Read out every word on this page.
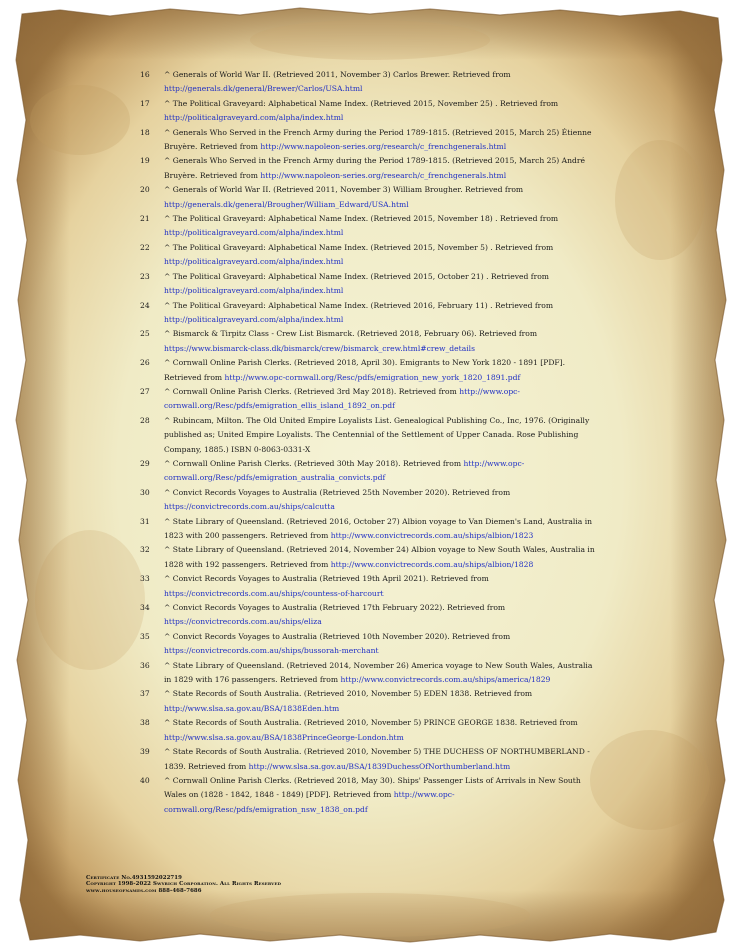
16	^ Generals of World War II. (Retrieved 2011, November 3) Carlos Brewer. Retrieved from http://generals.dk/general/Brewer/Carlos/USA.html
17	^ The Political Graveyard: Alphabetical Name Index. (Retrieved 2015, November 25) . Retrieved from http://politicalgraveyard.com/alpha/index.html
18	^ Generals Who Served in the French Army during the Period 1789-1815. (Retrieved 2015, March 25) Étienne Bruyère. Retrieved from http://www.napoleon-series.org/research/c_frenchgenerals.html
19	^ Generals Who Served in the French Army during the Period 1789-1815. (Retrieved 2015, March 25) André Bruyère. Retrieved from http://www.napoleon-series.org/research/c_frenchgenerals.html
20	^ Generals of World War II. (Retrieved 2011, November 3) William Brougher. Retrieved from http://generals.dk/general/Brougher/William_Edward/USA.html
21	^ The Political Graveyard: Alphabetical Name Index. (Retrieved 2015, November 18) . Retrieved from http://politicalgraveyard.com/alpha/index.html
22	^ The Political Graveyard: Alphabetical Name Index. (Retrieved 2015, November 5) . Retrieved from http://politicalgraveyard.com/alpha/index.html
23	^ The Political Graveyard: Alphabetical Name Index. (Retrieved 2015, October 21) . Retrieved from http://politicalgraveyard.com/alpha/index.html
24	^ The Political Graveyard: Alphabetical Name Index. (Retrieved 2016, February 11) . Retrieved from http://politicalgraveyard.com/alpha/index.html
25	^ Bismarck & Tirpitz Class - Crew List Bismarck. (Retrieved 2018, February 06). Retrieved from https://www.bismarck-class.dk/bismarck/crew/bismarck_crew.html#crew_details
26	^ Cornwall Online Parish Clerks. (Retrieved 2018, April 30). Emigrants to New York 1820 - 1891 [PDF]. Retrieved from http://www.opc-cornwall.org/Resc/pdfs/emigration_new_york_1820_1891.pdf
27	^ Cornwall Online Parish Clerks. (Retrieved 3rd May 2018). Retrieved from http://www.opc-cornwall.org/Resc/pdfs/emigration_ellis_island_1892_on.pdf
28	^ Rubincam, Milton. The Old United Empire Loyalists List. Genealogical Publishing Co., Inc, 1976. (Originally published as; United Empire Loyalists. The Centennial of the Settlement of Upper Canada. Rose Publishing Company, 1885.) ISBN 0-8063-0331-X
29	^ Cornwall Online Parish Clerks. (Retrieved 30th May 2018). Retrieved from http://www.opc-cornwall.org/Resc/pdfs/emigration_australia_convicts.pdf
30	^ Convict Records Voyages to Australia (Retrieved 25th November 2020). Retrieved from https://convictrecords.com.au/ships/calcutta
31	^ State Library of Queensland. (Retrieved 2016, October 27) Albion voyage to Van Diemen's Land, Australia in 1823 with 200 passengers. Retrieved from http://www.convictrecords.com.au/ships/albion/1823
32	^ State Library of Queensland. (Retrieved 2014, November 24) Albion voyage to New South Wales, Australia in 1828 with 192 passengers. Retrieved from http://www.convictrecords.com.au/ships/albion/1828
33	^ Convict Records Voyages to Australia (Retrieved 19th April 2021). Retrieved from https://convictrecords.com.au/ships/countess-of-harcourt
34	^ Convict Records Voyages to Australia (Retrieved 17th February 2022). Retrieved from https://convictrecords.com.au/ships/eliza
35	^ Convict Records Voyages to Australia (Retrieved 10th November 2020). Retrieved from https://convictrecords.com.au/ships/bussorah-merchant
36	^ State Library of Queensland. (Retrieved 2014, November 26) America voyage to New South Wales, Australia in 1829 with 176 passengers. Retrieved from http://www.convictrecords.com.au/ships/america/1829
37	^ State Records of South Australia. (Retrieved 2010, November 5) EDEN 1838. Retrieved from http://www.slsa.sa.gov.au/BSA/1838Eden.htm
38	^ State Records of South Australia. (Retrieved 2010, November 5) PRINCE GEORGE 1838. Retrieved from http://www.slsa.sa.gov.au/BSA/1838PrinceGeorge-London.htm
39	^ State Records of South Australia. (Retrieved 2010, November 5) THE DUCHESS OF NORTHUMBERLAND - 1839. Retrieved from http://www.slsa.sa.gov.au/BSA/1839DuchessOfNorthumberland.htm
40	^ Cornwall Online Parish Clerks. (Retrieved 2018, May 30). Ships' Passenger Lists of Arrivals in New South Wales on (1828 - 1842, 1848 - 1849) [PDF]. Retrieved from http://www.opc-cornwall.org/Resc/pdfs/emigration_nsw_1838_on.pdf
Certificate No.4931592022719
Copyright 1998-2022 Swyrich Corporation. All Rights Reserved
www.houseofnames.com 888-468-7686
